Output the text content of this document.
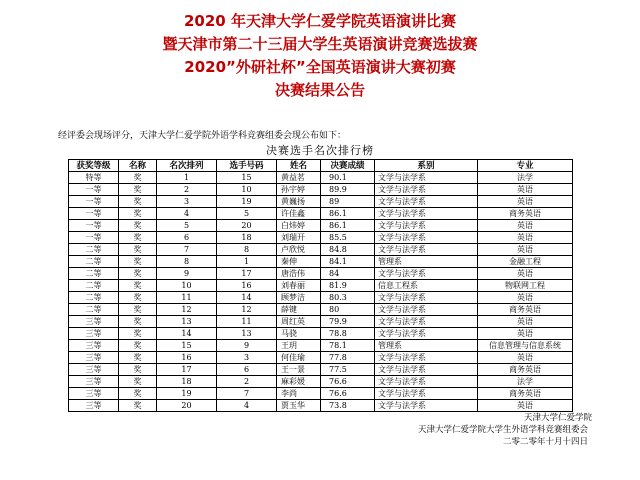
2020 年天津大学仁爱学院英语演讲比赛
暨天津市第二十三届大学生英语演讲竞赛选拔赛
2020”外研社杯”全国英语演讲大赛初赛
决赛结果公告
经评委会现场评分，天津大学仁爱学院外语学科竞赛组委会现公布如下：
决赛选手名次排行榜
获奖等级	名称	名次排列	选手号码	姓名	决赛成绩	系别	专业
特等	奖	1	15	黄益茗	90.1	文学与法学系	法学
一等	奖	2	10	孙宇婷	89.9	文学与法学系	英语
一等	奖	3	19	黄巍扬	89	文学与法学系	英语
一等	奖	4	5	许佳鑫	86.1	文学与法学系	商务英语
一等	奖	5	20	白炜婷	86.1	文学与法学系	英语
一等	奖	6	18	刘瑞开	85.5	文学与法学系	英语
二等	奖	7	8	卢欣悦	84.8	文学与法学系	英语
二等	奖	8	1	秦伸	84.1	管理系	金融工程
二等	奖	9	17	唐浩伟	84	文学与法学系	英语
二等	奖	10	16	刘春丽	81.9	信息工程系	物联网工程
二等	奖	11	14	顾梦洁	80.3	文学与法学系	英语
二等	奖	12	12	薛键	80	文学与法学系	商务英语
三等	奖	13	11	周红英	79.9	文学与法学系	英语
三等	奖	14	13	马骁	78.8	文学与法学系	英语
三等	奖	15	9	王玥	78.1	管理系	信息管理与信息系统
三等	奖	16	3	何佳瑜	77.8	文学与法学系	英语
三等	奖	17	6	王一景	77.5	文学与法学系	商务英语
三等	奖	18	2	麻彩媛	76.6	文学与法学系	法学
三等	奖	19	7	李尚	76.6	文学与法学系	商务英语
三等	奖	20	4	贾玉华	73.8	文学与法学系	英语
天津大学仁爱学院
天津大学仁爱学院大学生外语学科竞赛组委会
二零二零年十月十四日
